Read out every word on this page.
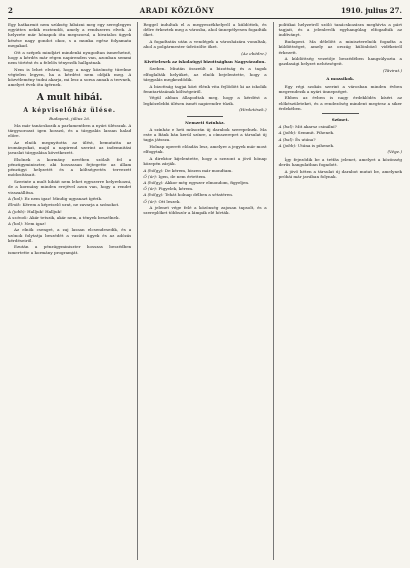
2	ARADI KÖZLÖNY	1910. julius 27.

Egy hatkarmit nem szükség hibázni meg egy sereglegyes együttes nekik esztendői, amely a rendszeres elvek. A helyzete már hónapok óta megszorul, a hivatalos ügyek késése nagy gondot okoz, s a munka egész folyamata megakad.

Ott a szépek mindjárt mindenki nyugodtan ismerhetné, hogy a kérdés már régen napirenden van, azonban semmi nem történt és a felelős tényezők hallgatnak.

Nem is lehet elvárni, hogy a nagy közönség türelme végtelen legyen, ha a kérdést nem oldják meg. A közvélemény tudni akarja, mi lesz a sorsa annak a tervnek, amelyet évek óta ígérnek.

A mult hibái.
A képviselőház ülése.
Budapest, július 26.

Ma már tanácskozik a parlamentben a nyári ülésszak. A tárgysorozat igen hosszú, és a tárgyalás lassan halad előre.

Az elnök megnyitotta az ülést, bemutatta az irományokat, majd a napirend szerint az indemnitási javaslat tárgyalása következett.

Elsőnek a kormány nevében szólalt fel a pénzügyminiszter, aki hosszasan fejtegette az állam pénzügyi helyzetét és a költségvetés tervezett módosításait.

Szerinte a mult hibáit nem lehet egyszerre helyrehozni, de a kormány minden erejével azon van, hogy a rendet visszaállítsa.

A (bal): Ez nem igaz! Mindig ugyanazt ígérik.

Elnök: Kérem a képviselő urat, ne zavarja a szónokot.

A (jobb): Halljuk! Halljuk!

A szónok: Akár tetszik, akár nem, a tények beszélnek.

A (bal): Nem igaz!

Az elnök csenget, a zaj lassan elcsendesedik, és a szónok folytatja beszédét a vasúti ügyek és az adózás kérdéseiről.

Ezután a pénzügyminiszter hosszas beszédben ismertette a kormány programját.

Reggel indultak el a megyeszékhelyről a küldöttek, és délre érkeztek meg a városba, ahol ünnepélyesen fogadták őket.

A fogadtatás után a vendégek a városházára vonultak, ahol a polgármester üdvözölte őket.

(Az ebédre.)
Kivételesek az iskolaügyi bizottságban Nagyváradon.

Szeben. Miután összeült a bizottság és a tagok elfoglalták helyüket, az elnök bejelentette, hogy a tárgyalás megkezdődik.

A bizottság tagjai közt élénk vita fejlődött ki az iskolák fenntartásának költségeiről.

Végül abban állapodtak meg, hogy a kérdést a legközelebbi ülésen ismét napirendre tűzik.

(Hirdetések.)
Nemzeti Színház.

A színház e heti műsorán új darabok szerepelnek. Ma este a Bánk bán kerül színre, a címszerepet a társulat új tagja játssza.

Holnap operett előadás lesz, amelyre a jegyek már most elfogytak.

A direktor kijelentette, hogy a szezont a jövő hónap közepén zárják.

A (hölgy): De kérem, hiszen már mondtam.

Ő (úr): Igen, de nem értettem.

A (hölgy): Akkor még egyszer elmondom, figyeljen.

Ő (úr): Figyelek, kérem.

A (hölgy): Tehát holnap délben a sétatéren.

Ő (úr): Ott leszek.

A jelenet vége felé a közönség zajosan tapsolt, és a szereplőket többször a lámpák elé hívták.

politikai helyzetről szóló tanácskozásra meghívta a párt tagjait, és a jelenlevők egyhangúlag elfogadták az indítványt.

Budapest. Ma délelőtt a miniszterelnök fogadta a küldöttséget, amely az ország különböző vidékeiről érkezett.

A küldöttség vezetője beszédében hangsúlyozta a gazdasági helyzet nehézségeit.

(Távirat.)
A mozaikok.

Egy régi szokás szerint a városban minden évben megrendezik a nyári ünnepséget.

Ebben az évben is nagy érdeklődés kíséri az előkészületeket, és a rendezőség mindent megtesz a siker érdekében.

Szünet.

A (bal): Mit akarsz csinálni?

A (jobb): Semmit. Pihenek.

A (bal): És utána?

A (jobb): Utána is pihenek.

(Vége.)

Így fejeződik be a tréfás jelenet, amelyet a közönség derűs hangulatban fogadott.

A jövő héten a társulat új darabot mutat be, amelynek próbái már javában folynak.
